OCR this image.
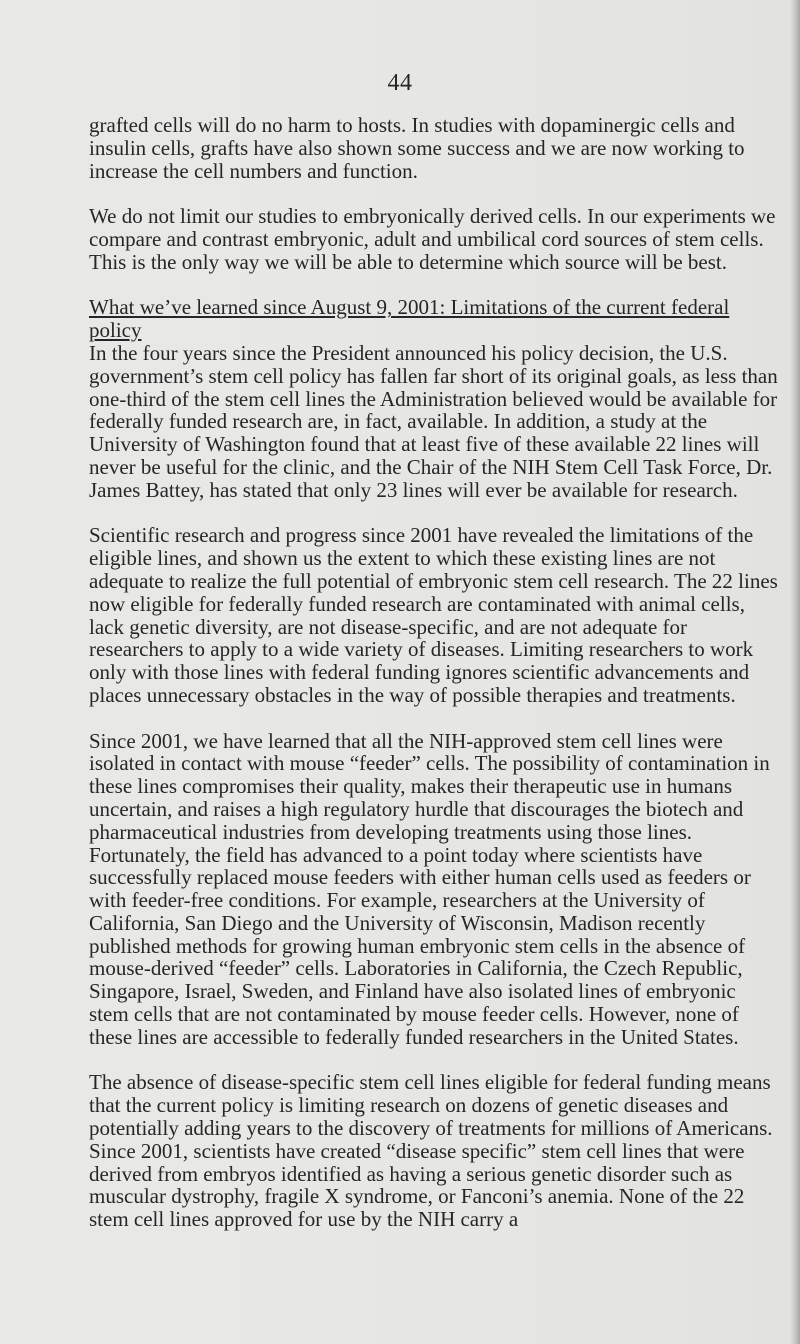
44

grafted cells will do no harm to hosts. In studies with dopaminergic cells and insulin cells, grafts have also shown some success and we are now working to increase the cell numbers and function.

We do not limit our studies to embryonically derived cells. In our experiments we compare and contrast embryonic, adult and umbilical cord sources of stem cells. This is the only way we will be able to determine which source will be best.

What we’ve learned since August 9, 2001: Limitations of the current federal policy

In the four years since the President announced his policy decision, the U.S. government’s stem cell policy has fallen far short of its original goals, as less than one-third of the stem cell lines the Administration believed would be available for federally funded research are, in fact, available. In addition, a study at the University of Washington found that at least five of these available 22 lines will never be useful for the clinic, and the Chair of the NIH Stem Cell Task Force, Dr. James Battey, has stated that only 23 lines will ever be available for research.

Scientific research and progress since 2001 have revealed the limitations of the eligible lines, and shown us the extent to which these existing lines are not adequate to realize the full potential of embryonic stem cell research. The 22 lines now eligible for federally funded research are contaminated with animal cells, lack genetic diversity, are not disease-specific, and are not adequate for researchers to apply to a wide variety of diseases. Limiting researchers to work only with those lines with federal funding ignores scientific advancements and places unnecessary obstacles in the way of possible therapies and treatments.

Since 2001, we have learned that all the NIH-approved stem cell lines were isolated in contact with mouse “feeder” cells. The possibility of contamination in these lines compromises their quality, makes their therapeutic use in humans uncertain, and raises a high regulatory hurdle that discourages the biotech and pharmaceutical industries from developing treatments using those lines. Fortunately, the field has advanced to a point today where scientists have successfully replaced mouse feeders with either human cells used as feeders or with feeder-free conditions. For example, researchers at the University of California, San Diego and the University of Wisconsin, Madison recently published methods for growing human embryonic stem cells in the absence of mouse-derived “feeder” cells. Laboratories in California, the Czech Republic, Singapore, Israel, Sweden, and Finland have also isolated lines of embryonic stem cells that are not contaminated by mouse feeder cells. However, none of these lines are accessible to federally funded researchers in the United States.

The absence of disease-specific stem cell lines eligible for federal funding means that the current policy is limiting research on dozens of genetic diseases and potentially adding years to the discovery of treatments for millions of Americans. Since 2001, scientists have created “disease specific” stem cell lines that were derived from embryos identified as having a serious genetic disorder such as muscular dystrophy, fragile X syndrome, or Fanconi’s anemia. None of the 22 stem cell lines approved for use by the NIH carry a
